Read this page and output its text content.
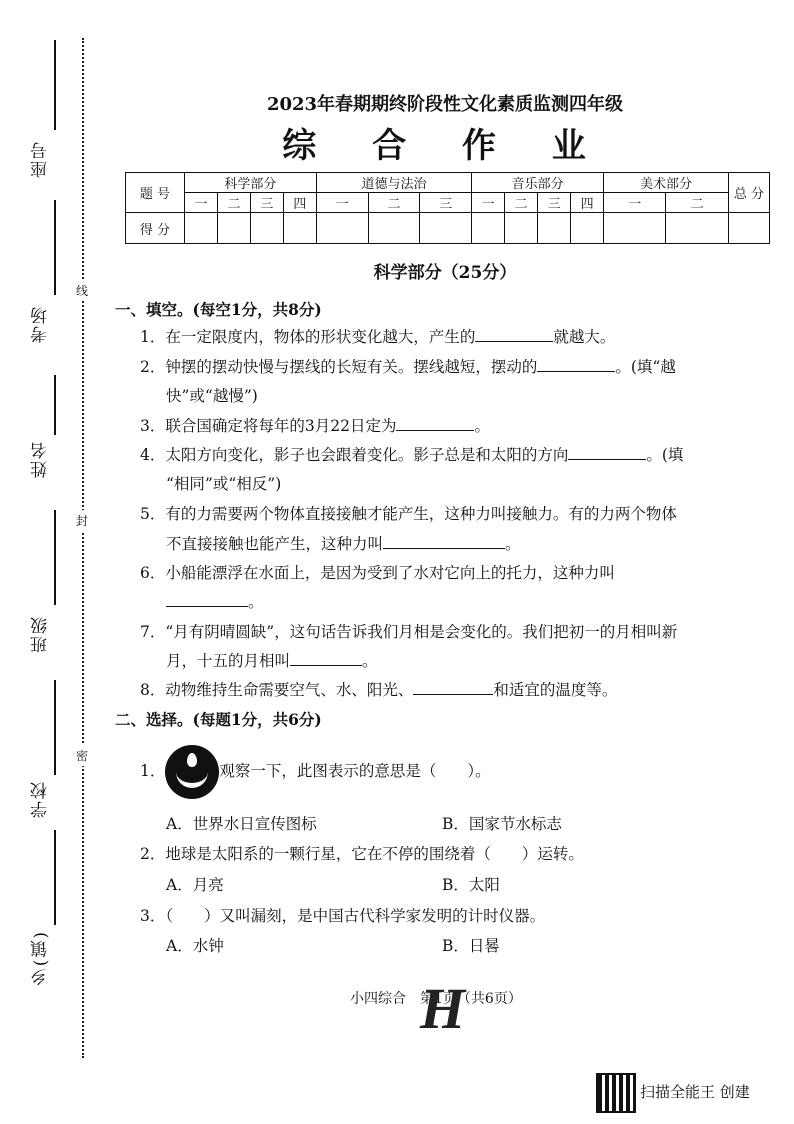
座号
考场
姓名
班级
学校
乡(镇)
线
封
密
2023年春期期终阶段性文化素质监测四年级
综 合 作 业
题 号	科学部分				道德与法治			音乐部分				美术部分		总 分
	一	二	三	四	一	二	三	一	二	三	四	一	二	
得 分														
科学部分（25分）
一、填空。(每空1分，共8分)
1．在一定限度内，物体的形状变化越大，产生的	就越大。
2．钟摆的摆动快慢与摆线的长短有关。摆线越短，摆动的	。(填“越
快”或“越慢”)
3．联合国确定将每年的3月22日定为	。
4．太阳方向变化，影子也会跟着变化。影子总是和太阳的方向	。(填
“相同”或“相反”)
5．有的力需要两个物体直接接触才能产生，这种力叫接触力。有的力两个物体
不直接接触也能产生，这种力叫	。
6．小船能漂浮在水面上，是因为受到了水对它向上的托力，这种力叫
。
7．“月有阴晴圆缺”，这句话告诉我们月相是会变化的。我们把初一的月相叫新
月，十五的月相叫	。
8．动物维持生命需要空气、水、阳光、	和适宜的温度等。
二、选择。(每题1分，共6分)
1．	观察一下，此图表示的意思是（　　）。
A．世界水日宣传图标	B．国家节水标志
2．地球是太阳系的一颗行星，它在不停的围绕着（　　）运转。
A．月亮	B．太阳
3．（　　）又叫漏刻，是中国古代科学家发明的计时仪器。
A．水钟	B．日晷
小四综合　第1页（共6页）
H
扫描全能王 创建
